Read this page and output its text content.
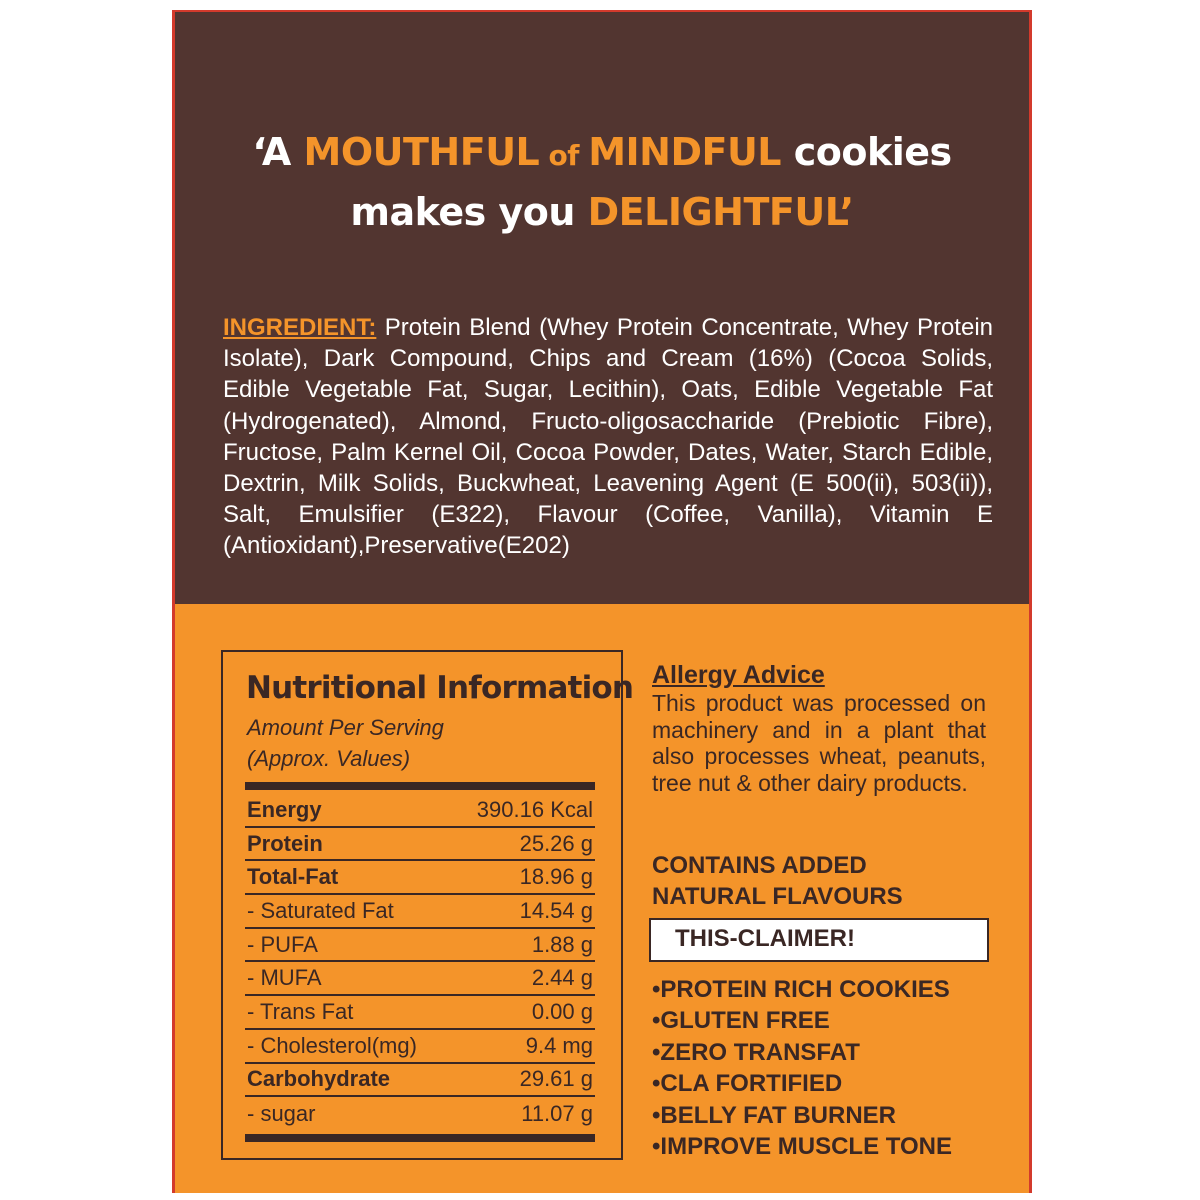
‘A MOUTHFUL of MINDFUL cookies
makes you DELIGHTFUL’

INGREDIENT: Protein Blend (Whey Protein Concentrate, Whey Protein Isolate), Dark Compound, Chips and Cream (16%) (Cocoa Solids, Edible Vegetable Fat, Sugar, Lecithin), Oats, Edible Vegetable Fat (Hydrogenated), Almond, Fructo-oligosaccharide (Prebiotic Fibre), Fructose, Palm Kernel Oil, Cocoa Powder, Dates, Water, Starch Edible, Dextrin, Milk Solids, Buckwheat, Leavening Agent (E 500(ii), 503(ii)), Salt, Emulsifier (E322), Flavour (Coffee, Vanilla), Vitamin E (Antioxidant),Preservative(E202)

Nutritional Information
Amount Per Serving
(Approx. Values)
Energy	390.16 Kcal
Protein	25.26 g
Total-Fat	18.96 g
- Saturated Fat	14.54 g
- PUFA	1.88 g
- MUFA	2.44 g
- Trans Fat	0.00 g
- Cholesterol(mg)	9.4 mg
Carbohydrate	29.61 g
- sugar	11.07 g
Allergy Advice

This product was processed on machinery and in a plant that also processes wheat, peanuts, tree nut & other dairy products.

CONTAINS ADDED
NATURAL FLAVOURS
THIS-CLAIMER!
•PROTEIN RICH COOKIES
•GLUTEN FREE
•ZERO TRANSFAT
•CLA FORTIFIED
•BELLY FAT BURNER
•IMPROVE MUSCLE TONE
